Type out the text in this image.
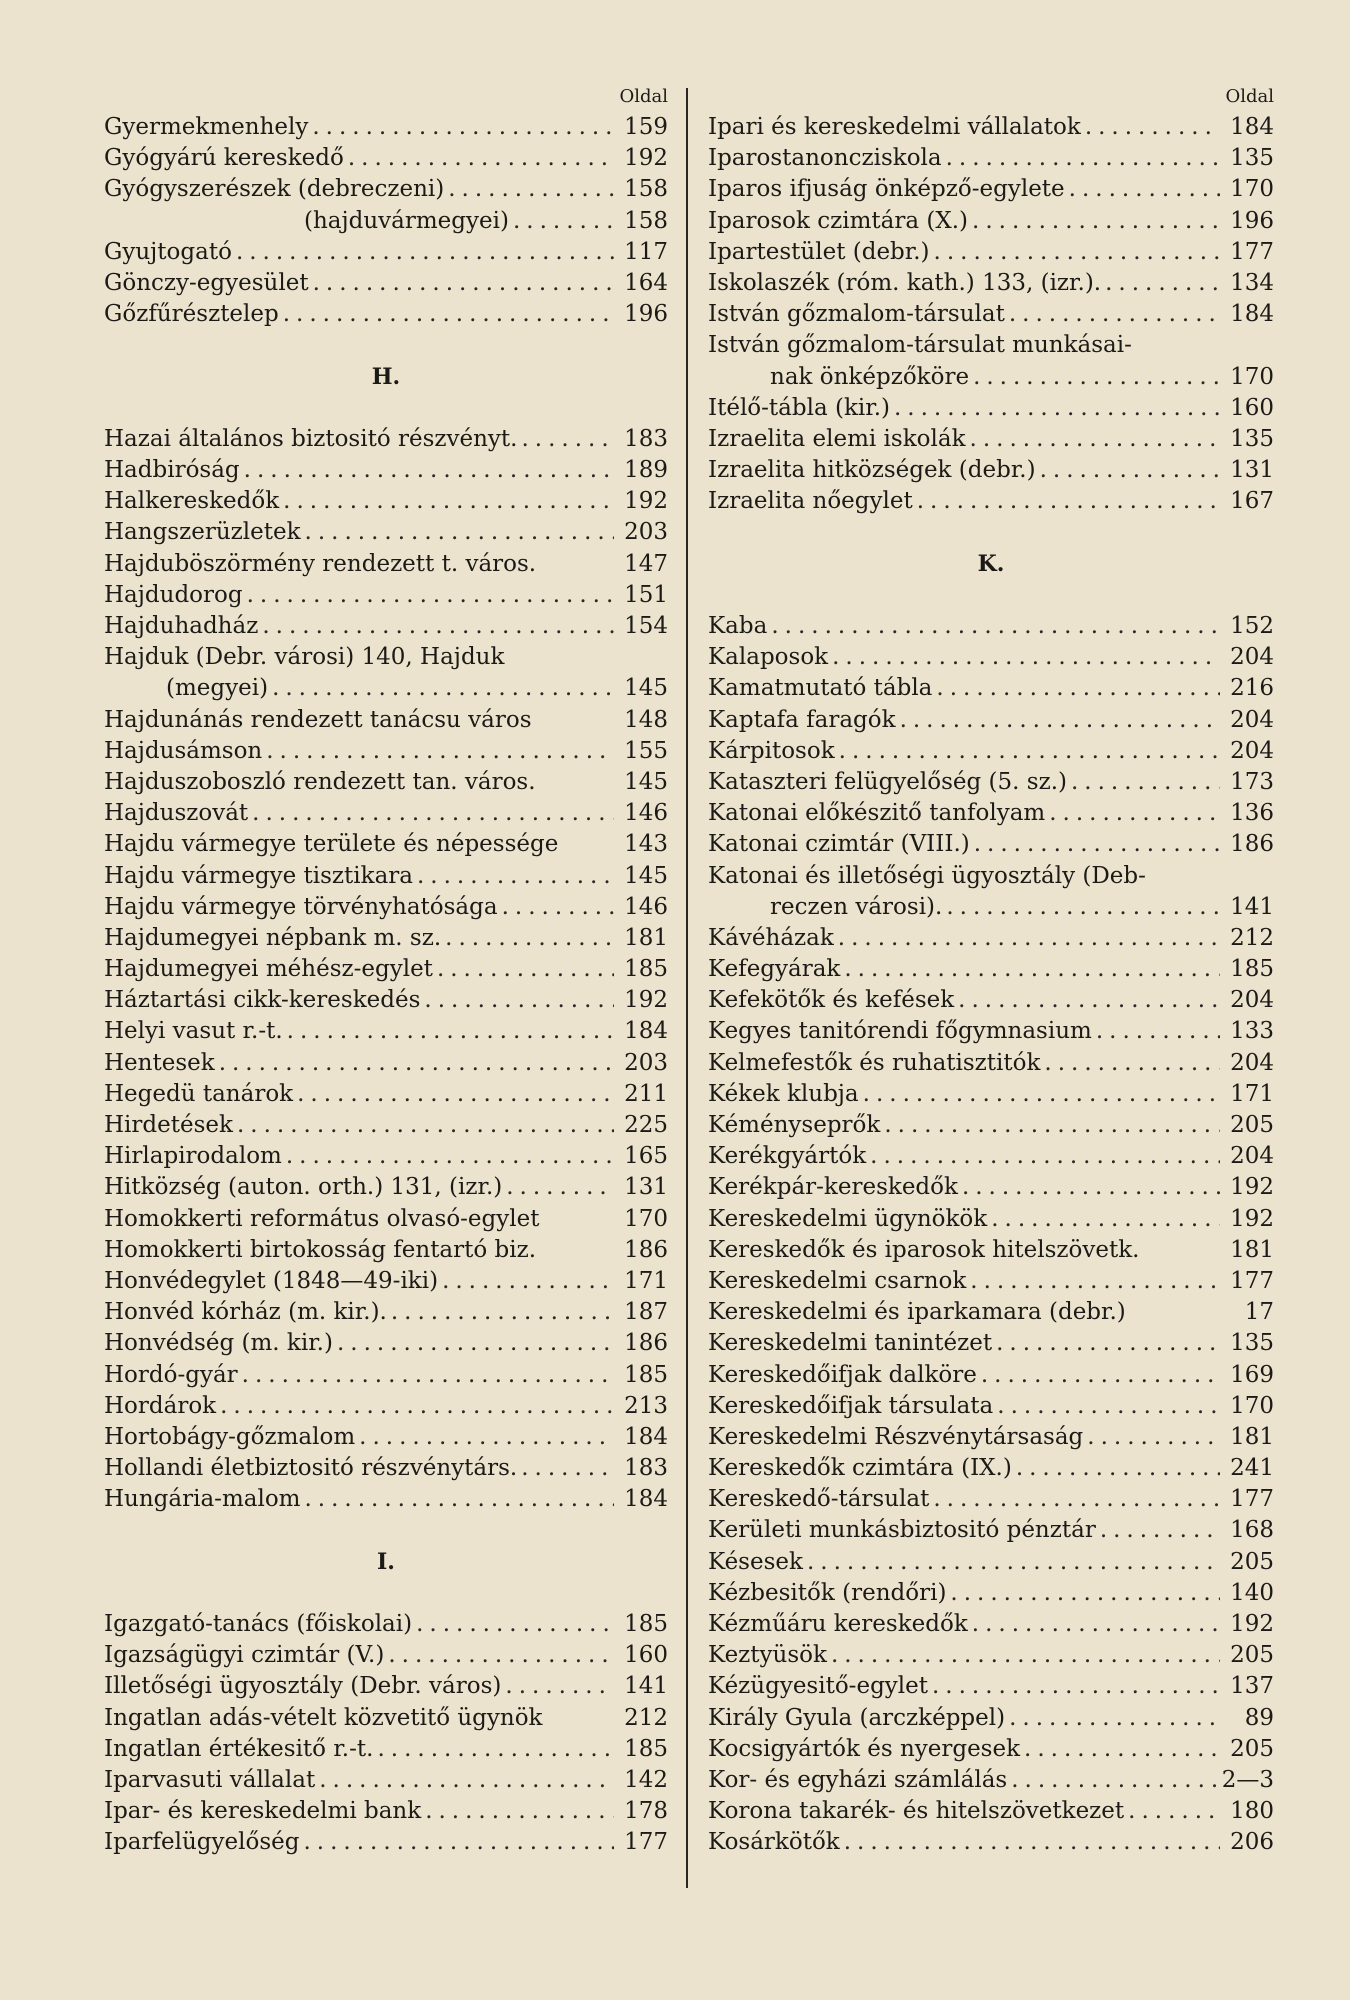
Oldal
Gyermekmenhely .....	159
Gyógyárú kereskedő .....	192
Gyógyszerészek (debreczeni) .....	158
(hajduvármegyei) .....	158
Gyujtogató .....	117
Gönczy-egyesület .....	164
Gőzfűrésztelep .....	196
H.
Hazai általános biztositó részvényt. .....	183
Hadbiróság .....	189
Halkereskedők .....	192
Hangszerüzletek .....	203
Hajduböszörmény rendezett t. város.	147
Hajdudorog .....	151
Hajduhadház .....	154
Hajduk (Debr. városi) 140, Hajduk
(megyei) .....	145
Hajdunánás rendezett tanácsu város	148
Hajdusámson .....	155
Hajduszoboszló rendezett tan. város.	145
Hajduszovát .....	146
Hajdu vármegye területe és népessége	143
Hajdu vármegye tisztikara .....	145
Hajdu vármegye törvényhatósága .....	146
Hajdumegyei népbank m. sz. .....	181
Hajdumegyei méhész-egylet .....	185
Háztartási cikk-kereskedés .....	192
Helyi vasut r.-t. .....	184
Hentesek .....	203
Hegedü tanárok .....	211
Hirdetések .....	225
Hirlapirodalom .....	165
Hitközség (auton. orth.) 131, (izr.) .....	131
Homokkerti református olvasó-egylet	170
Homokkerti birtokosság fentartó biz.	186
Honvédegylet (1848—49-iki) .....	171
Honvéd kórház (m. kir.). .....	187
Honvédség (m. kir.) .....	186
Hordó-gyár .....	185
Hordárok .....	213
Hortobágy-gőzmalom .....	184
Hollandi életbiztositó részvénytárs. .....	183
Hungária-malom .....	184
I.
Igazgató-tanács (főiskolai) .....	185
Igazságügyi czimtár (V.) .....	160
Illetőségi ügyosztály (Debr. város) .....	141
Ingatlan adás-vételt közvetitő ügynök	212
Ingatlan értékesitő r.-t. .....	185
Iparvasuti vállalat .....	142
Ipar- és kereskedelmi bank .....	178
Iparfelügyelőség .....	177
Oldal
Ipari és kereskedelmi vállalatok .....	184
Iparostanoncziskola .....	135
Iparos ifjuság önképző-egylete .....	170
Iparosok czimtára (X.) .....	196
Ipartestület (debr.) .....	177
Iskolaszék (róm. kath.) 133, (izr.). .....	134
István gőzmalom-társulat .....	184
István gőzmalom-társulat munkásai-
nak önképzőköre .....	170
Itélő-tábla (kir.) .....	160
Izraelita elemi iskolák .....	135
Izraelita hitközségek (debr.) .....	131
Izraelita nőegylet .....	167
K.
Kaba .....	152
Kalaposok .....	204
Kamatmutató tábla .....	216
Kaptafa faragók .....	204
Kárpitosok .....	204
Kataszteri felügyelőség (5. sz.) .....	173
Katonai előkészitő tanfolyam .....	136
Katonai czimtár (VIII.) .....	186
Katonai és illetőségi ügyosztály (Deb-
reczen városi). .....	141
Kávéházak .....	212
Kefegyárak .....	185
Kefekötők és kefések .....	204
Kegyes tanitórendi főgymnasium .....	133
Kelmefestők és ruhatisztitók .....	204
Kékek klubja .....	171
Kéményseprők .....	205
Kerékgyártók .....	204
Kerékpár-kereskedők .....	192
Kereskedelmi ügynökök .....	192
Kereskedők és iparosok hitelszövetk.	181
Kereskedelmi csarnok .....	177
Kereskedelmi és iparkamara (debr.)	17
Kereskedelmi tanintézet .....	135
Kereskedőifjak dalköre .....	169
Kereskedőifjak társulata .....	170
Kereskedelmi Részvénytársaság .....	181
Kereskedők czimtára (IX.) .....	241
Kereskedő-társulat .....	177
Kerületi munkásbiztositó pénztár .....	168
Késesek .....	205
Kézbesitők (rendőri) .....	140
Kézműáru kereskedők .....	192
Keztyüsök .....	205
Kézügyesitő-egylet .....	137
Király Gyula (arczképpel) .....	89
Kocsigyártók és nyergesek .....	205
Kor- és egyházi számlálás .....	2—3
Korona takarék- és hitelszövetkezet .....	180
Kosárkötők .....	206
